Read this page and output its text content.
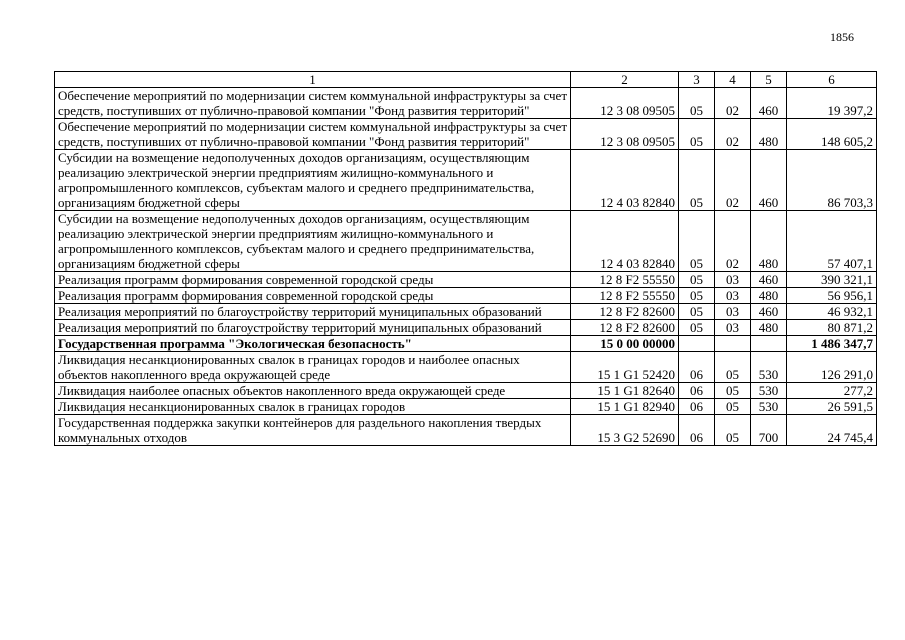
1856
1	2	3	4	5	6
Обеспечение мероприятий по модернизации систем коммунальной инфраструктуры за счет средств, поступивших от публично-правовой компании "Фонд развития территорий"	12 3 08 09505	05	02	460	19 397,2
Обеспечение мероприятий по модернизации систем коммунальной инфраструктуры за счет средств, поступивших от публично-правовой компании "Фонд развития территорий"	12 3 08 09505	05	02	480	148 605,2
Субсидии на возмещение недополученных доходов организациям, осуществляющим реализацию электрической энергии предприятиям жилищно-коммунального и агропромышленного комплексов, субъектам малого и среднего предпринимательства, организациям бюджетной сферы	12 4 03 82840	05	02	460	86 703,3
Субсидии на возмещение недополученных доходов организациям, осуществляющим реализацию электрической энергии предприятиям жилищно-коммунального и агропромышленного комплексов, субъектам малого и среднего предпринимательства, организациям бюджетной сферы	12 4 03 82840	05	02	480	57 407,1
Реализация программ формирования современной городской среды	12 8 F2 55550	05	03	460	390 321,1
Реализация программ формирования современной городской среды	12 8 F2 55550	05	03	480	56 956,1
Реализация мероприятий по благоустройству территорий муниципальных образований	12 8 F2 82600	05	03	460	46 932,1
Реализация мероприятий по благоустройству территорий муниципальных образований	12 8 F2 82600	05	03	480	80 871,2
Государственная программа "Экологическая безопасность"	15 0 00 00000				1 486 347,7
Ликвидация несанкционированных свалок в границах городов и наиболее опасных объектов накопленного вреда окружающей среде	15 1 G1 52420	06	05	530	126 291,0
Ликвидация наиболее опасных объектов накопленного вреда окружающей среде	15 1 G1 82640	06	05	530	277,2
Ликвидация несанкционированных свалок в границах городов	15 1 G1 82940	06	05	530	26 591,5
Государственная поддержка закупки контейнеров для раздельного накопления твердых коммунальных отходов	15 3 G2 52690	06	05	700	24 745,4
